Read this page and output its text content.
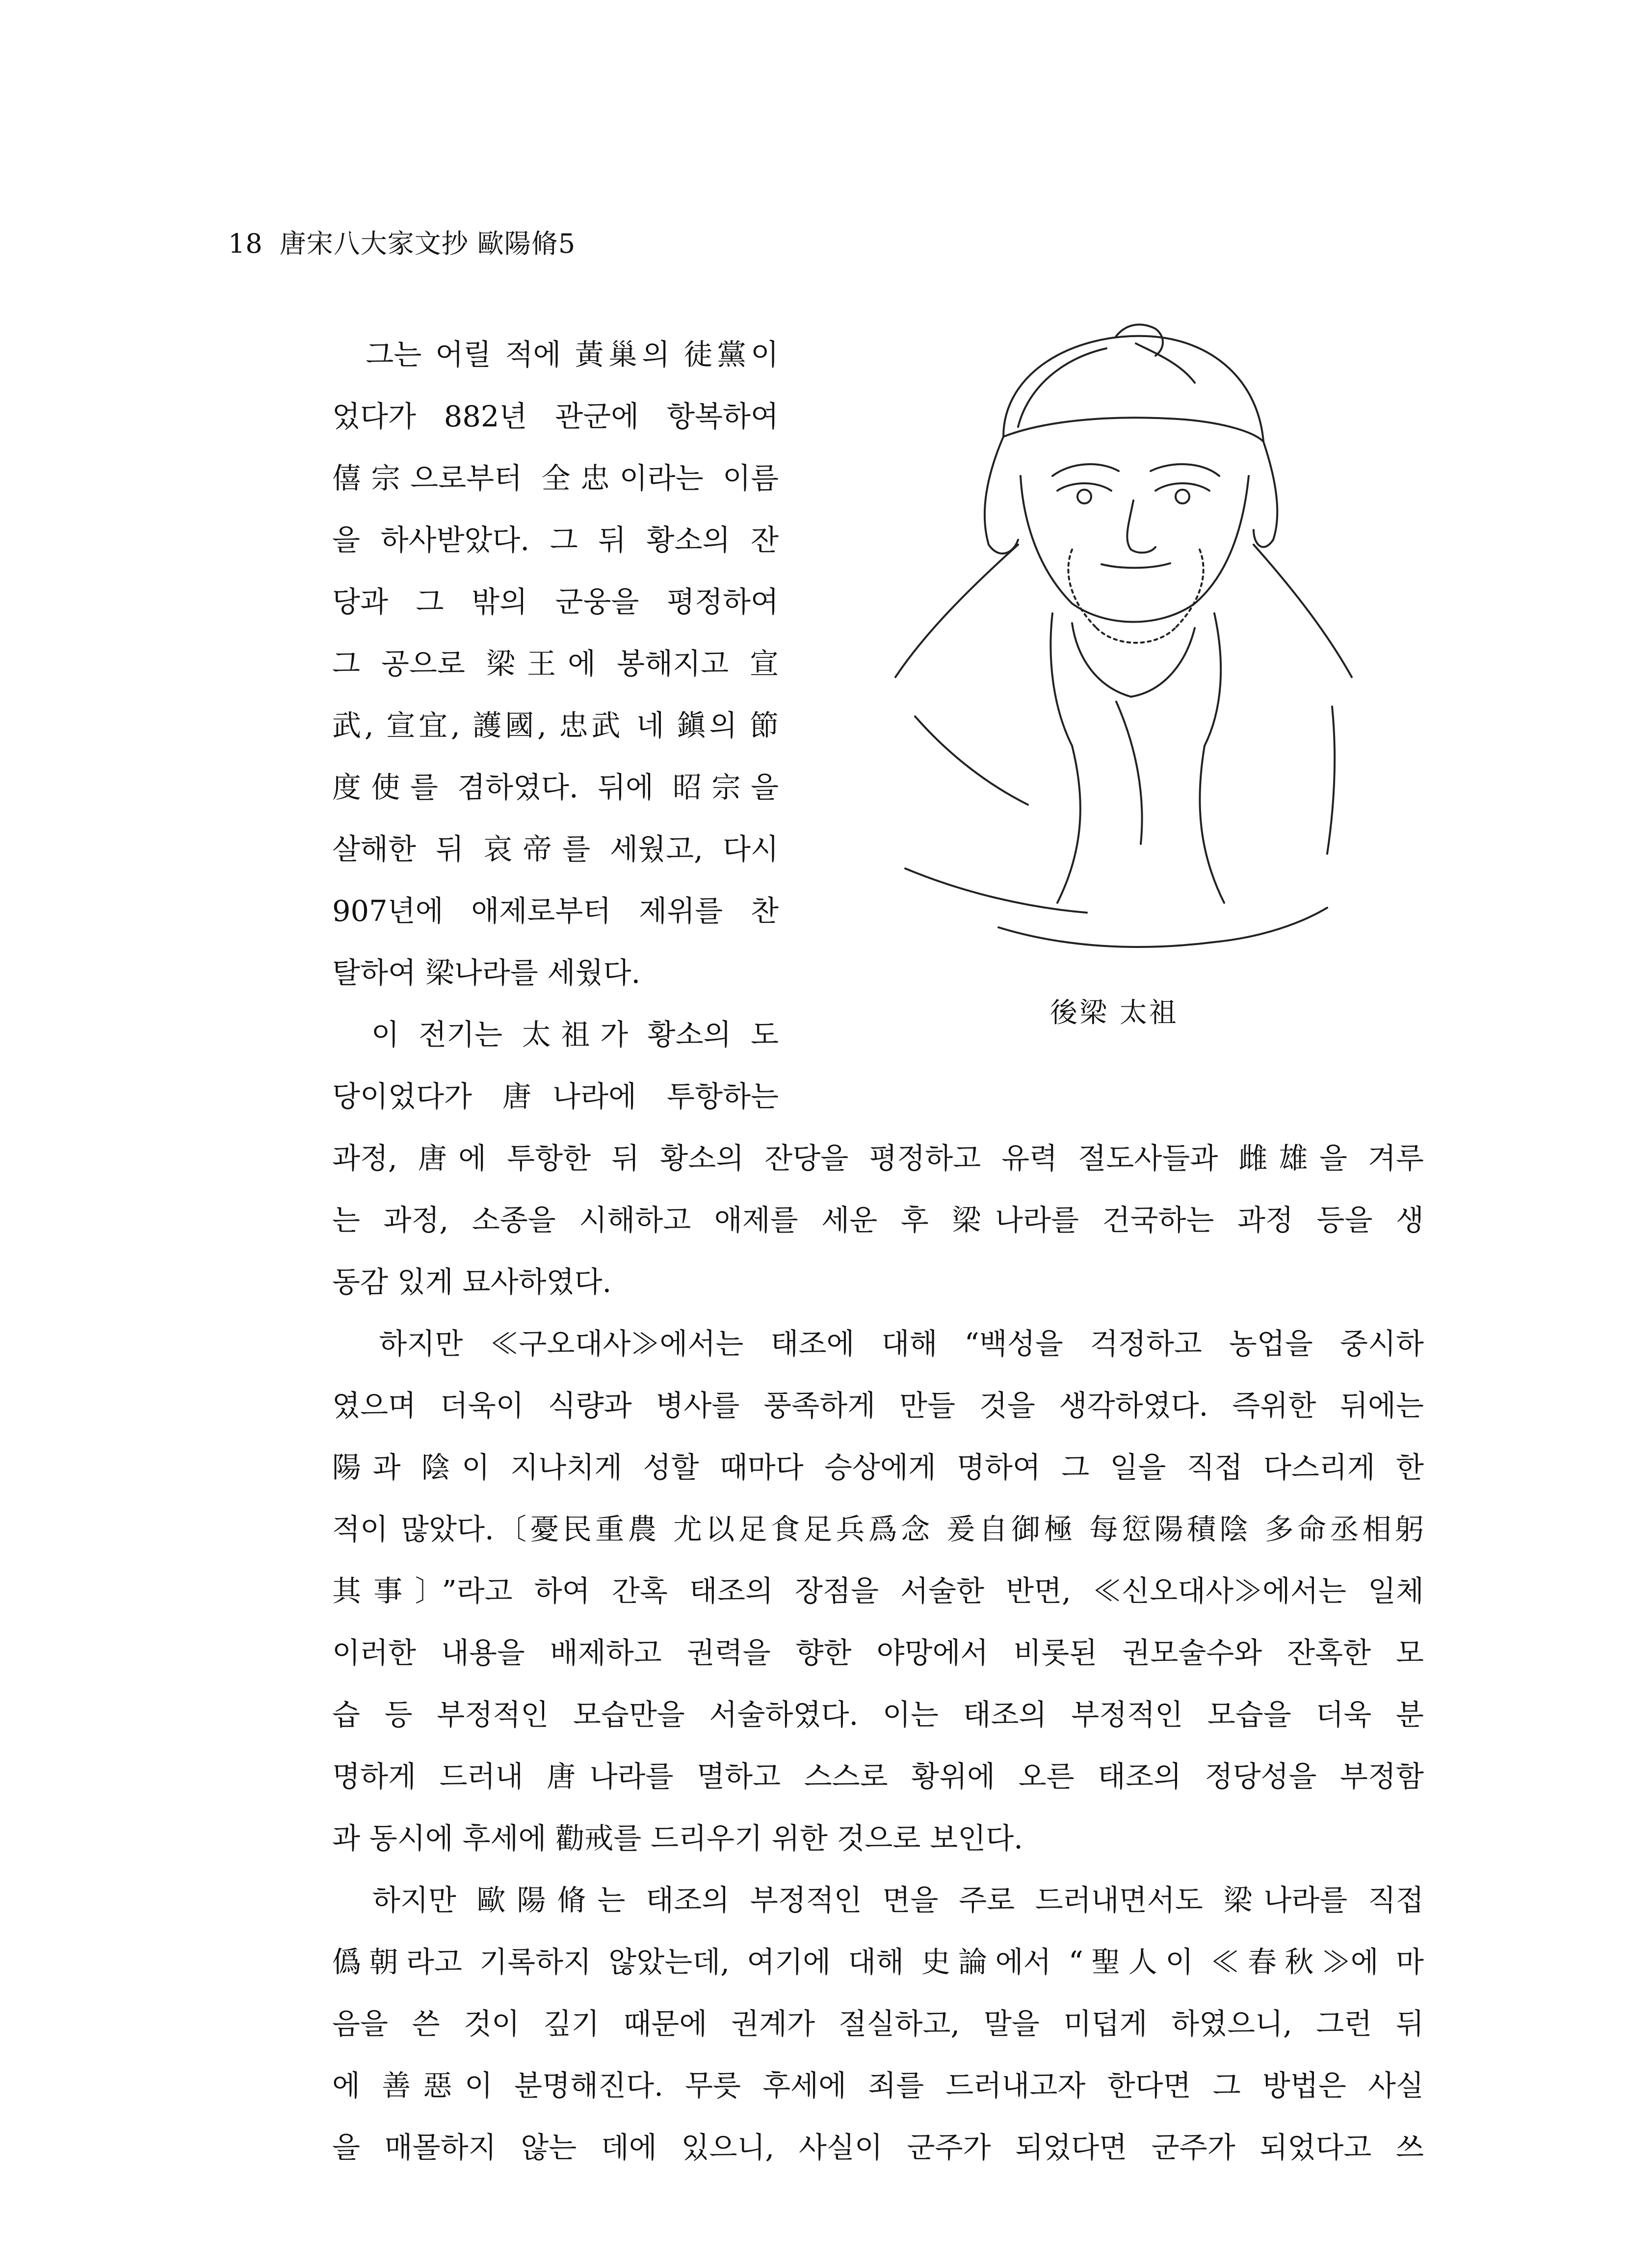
18 唐宋八大家文抄 歐陽脩5
後梁 太祖
　그는 어릴 적에 黃巢의 徒黨이
었다가 882년 관군에 항복하여
僖宗으로부터 全忠이라는 이름
을 하사받았다. 그 뒤 황소의 잔
당과 그 밖의 군웅을 평정하여
그 공으로 梁王에 봉해지고 宣
武, 宣宜, 護國, 忠武 네 鎭의 節
度使를 겸하였다. 뒤에 昭宗을
살해한 뒤 哀帝를 세웠고, 다시
907년에 애제로부터 제위를 찬
탈하여 梁나라를 세웠다.
　이 전기는 太祖가 황소의 도
당이었다가 唐나라에 투항하는
과정, 唐에 투항한 뒤 황소의 잔당을 평정하고 유력 절도사들과 雌雄을 겨루
는 과정, 소종을 시해하고 애제를 세운 후 梁나라를 건국하는 과정 등을 생
동감 있게 묘사하였다.
　하지만 ≪구오대사≫에서는 태조에 대해 “백성을 걱정하고 농업을 중시하
였으며 더욱이 식량과 병사를 풍족하게 만들 것을 생각하였다. 즉위한 뒤에는
陽과 陰이 지나치게 성할 때마다 승상에게 명하여 그 일을 직접 다스리게 한
적이 많았다.〔憂民重農 尤以足食足兵爲念 爰自御極 每愆陽積陰 多命丞相躬
其事〕”라고 하여 간혹 태조의 장점을 서술한 반면, ≪신오대사≫에서는 일체
이러한 내용을 배제하고 권력을 향한 야망에서 비롯된 권모술수와 잔혹한 모
습 등 부정적인 모습만을 서술하였다. 이는 태조의 부정적인 모습을 더욱 분
명하게 드러내 唐나라를 멸하고 스스로 황위에 오른 태조의 정당성을 부정함
과 동시에 후세에 勸戒를 드리우기 위한 것으로 보인다.
　하지만 歐陽脩는 태조의 부정적인 면을 주로 드러내면서도 梁나라를 직접
僞朝라고 기록하지 않았는데, 여기에 대해 史論에서 “聖人이 ≪春秋≫에 마
음을 쓴 것이 깊기 때문에 권계가 절실하고, 말을 미덥게 하였으니, 그런 뒤
에 善惡이 분명해진다. 무릇 후세에 죄를 드러내고자 한다면 그 방법은 사실
을 매몰하지 않는 데에 있으니, 사실이 군주가 되었다면 군주가 되었다고 쓰
